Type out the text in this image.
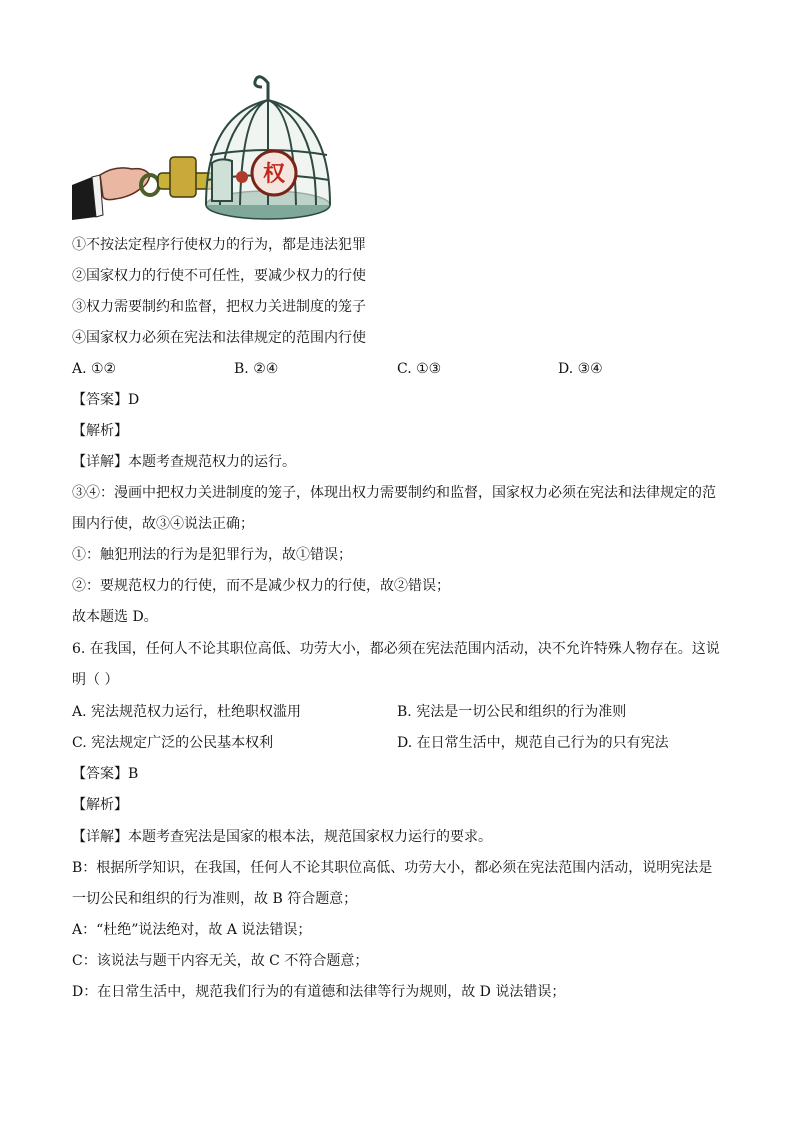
权
①不按法定程序行使权力的行为，都是违法犯罪
②国家权力的行使不可任性，要减少权力的行使
③权力需要制约和监督，把权力关进制度的笼子
④国家权力必须在宪法和法律规定的范围内行使
A. ①②	B. ②④	C. ①③	D. ③④
【答案】D
【解析】
【详解】本题考查规范权力的运行。
③④：漫画中把权力关进制度的笼子，体现出权力需要制约和监督，国家权力必须在宪法和法律规定的范
围内行使，故③④说法正确；
①：触犯刑法的行为是犯罪行为，故①错误；
②：要规范权力的行使，而不是减少权力的行使，故②错误；
故本题选 D。
6. 在我国，任何人不论其职位高低、功劳大小，都必须在宪法范围内活动，决不允许特殊人物存在。这说
明（ ）
A. 宪法规范权力运行，杜绝职权滥用	B. 宪法是一切公民和组织的行为准则
C. 宪法规定广泛的公民基本权利	D. 在日常生活中，规范自己行为的只有宪法
【答案】B
【解析】
【详解】本题考查宪法是国家的根本法，规范国家权力运行的要求。
B：根据所学知识，在我国，任何人不论其职位高低、功劳大小，都必须在宪法范围内活动，说明宪法是
一切公民和组织的行为准则，故 B 符合题意；
A：“杜绝”说法绝对，故 A 说法错误；
C：该说法与题干内容无关，故 C 不符合题意；
D：在日常生活中，规范我们行为的有道德和法律等行为规则，故 D 说法错误；
